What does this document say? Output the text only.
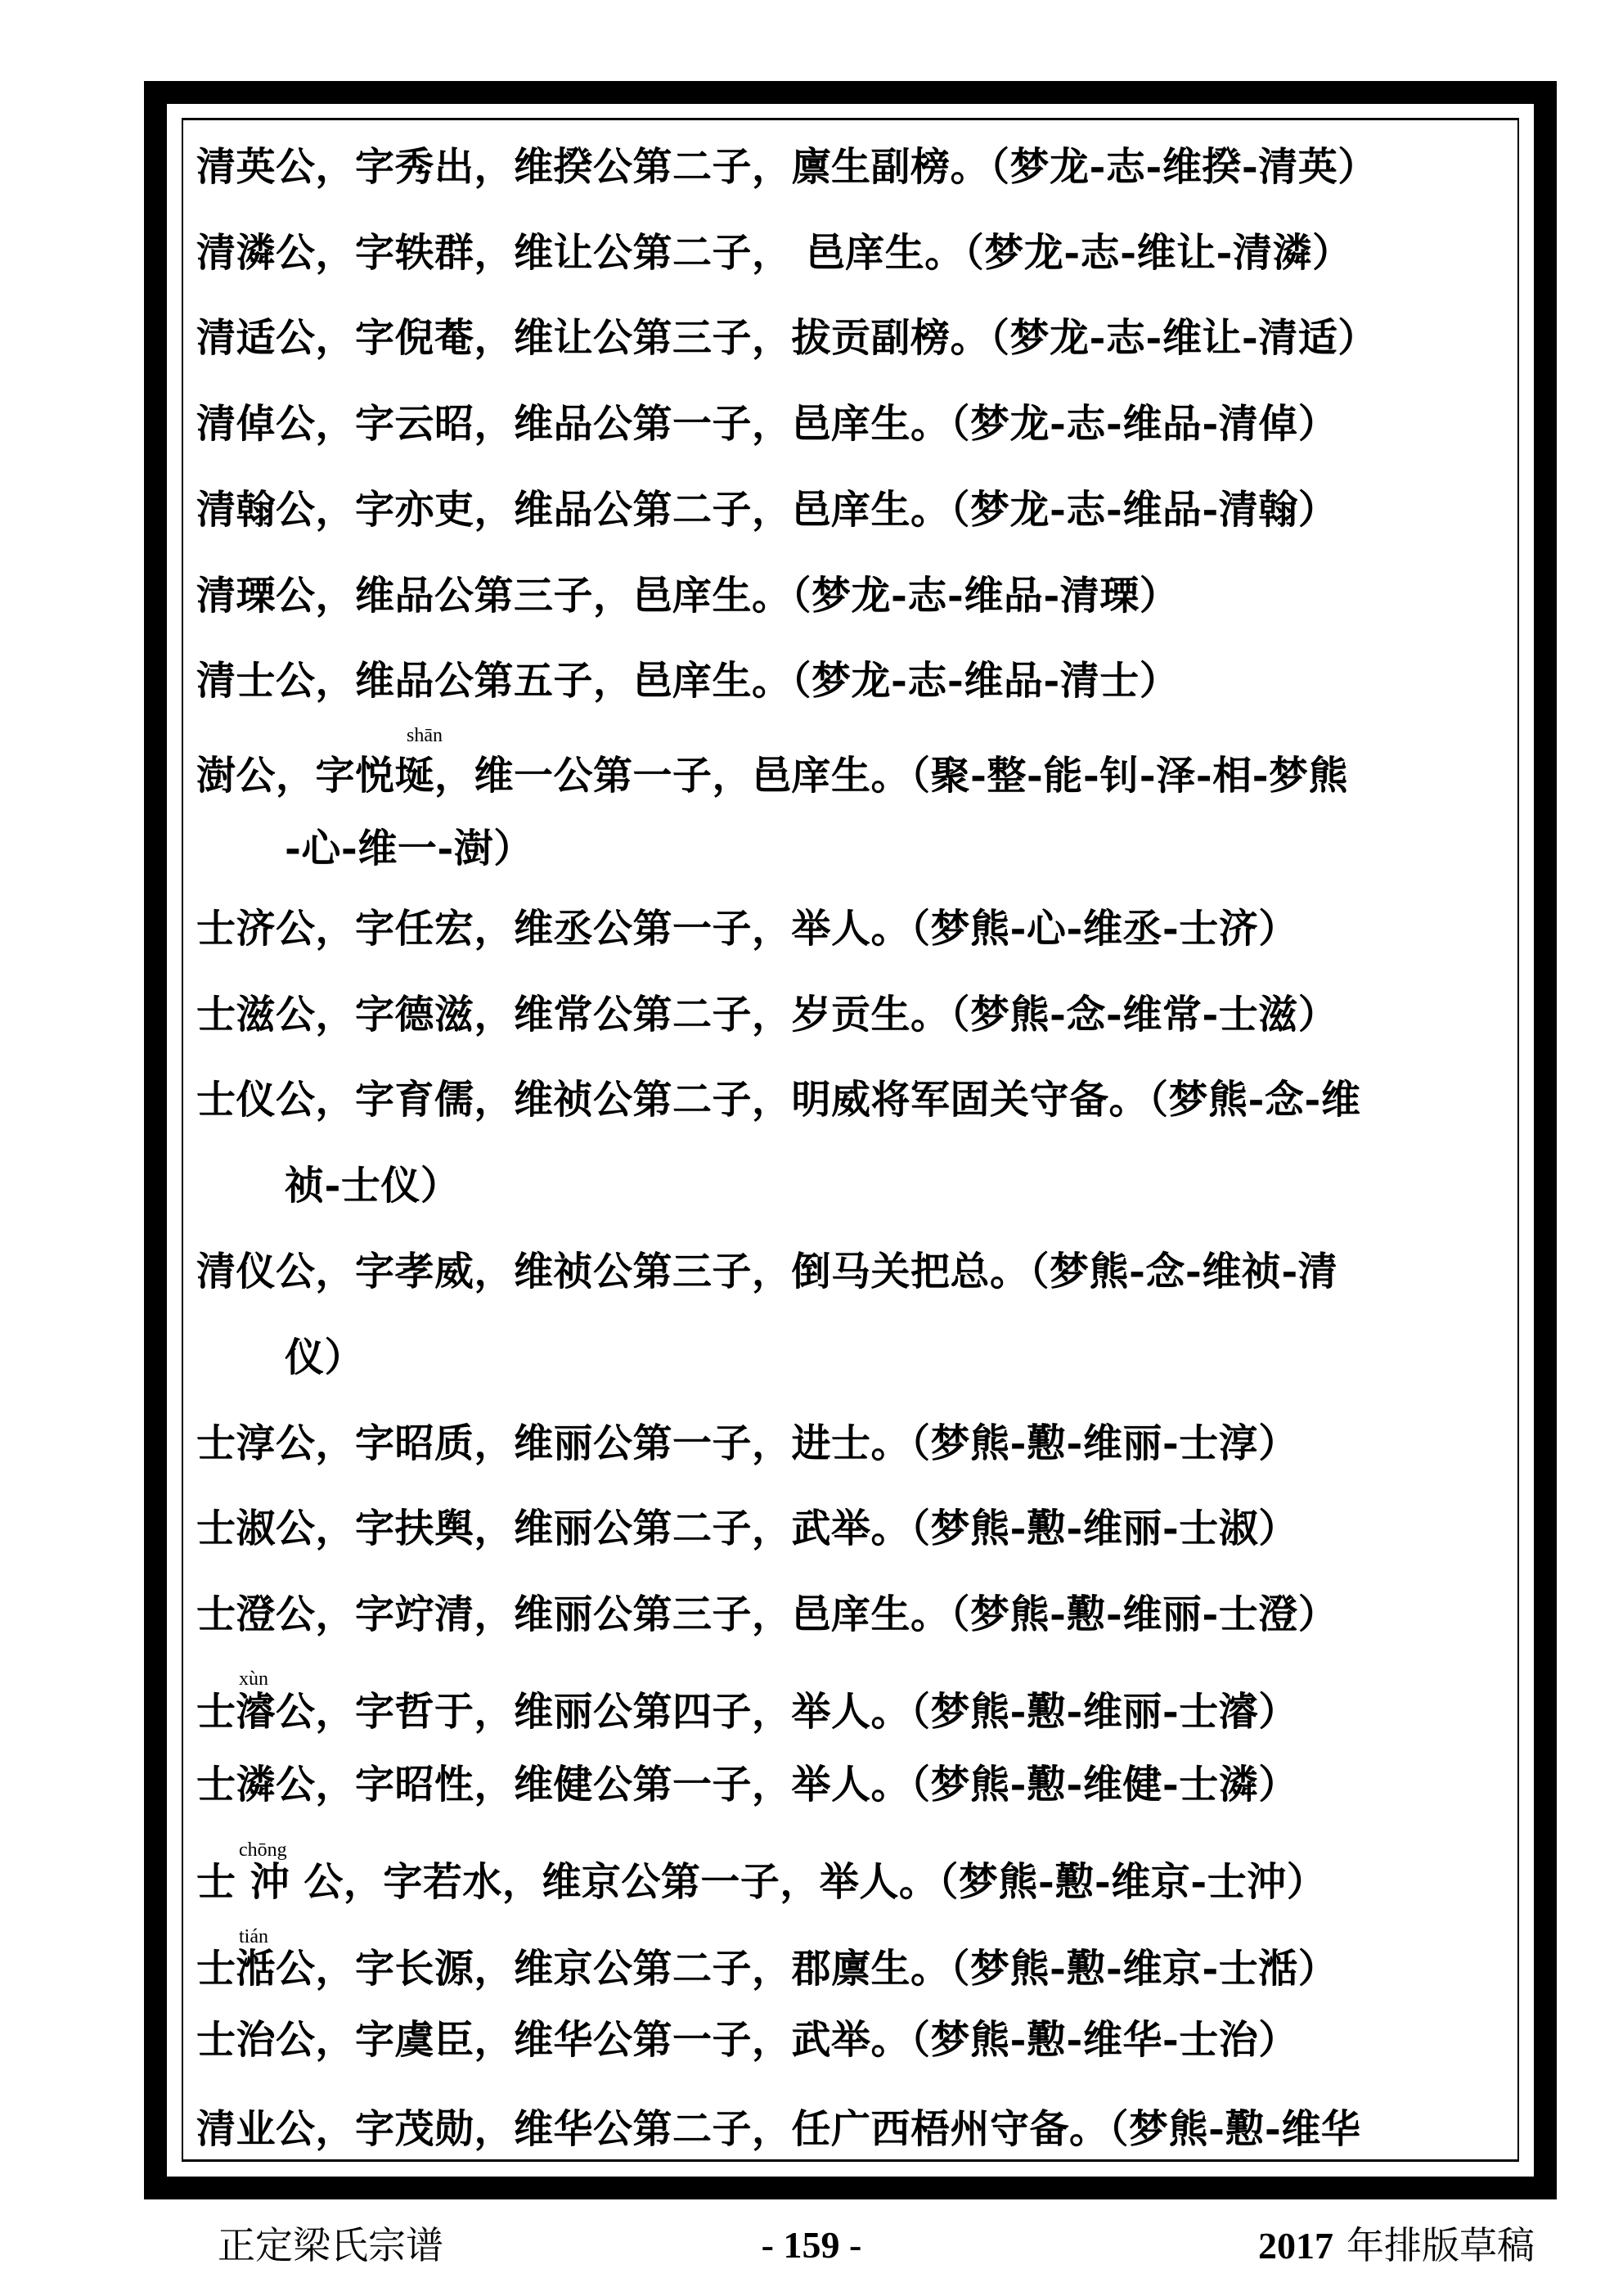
清英公，字秀出，维揆公第二子，廪生副榜。（梦龙-志-维揆-清英）
清潾公，字轶群，维让公第二子， 邑庠生。（梦龙-志-维让-清潾）
清适公，字倪菴，维让公第三子，拔贡副榜。（梦龙-志-维让-清适）
清倬公，字云昭，维品公第一子，邑庠生。（梦龙-志-维品-清倬）
清翰公，字亦吏，维品公第二子，邑庠生。（梦龙-志-维品-清翰）
清瑮公，维品公第三子，邑庠生。（梦龙-志-维品-清瑮）
清士公，维品公第五子，邑庠生。（梦龙-志-维品-清士）
shān
澍公，字悦埏，维一公第一子，邑庠生。（聚-整-能-钊-泽-相-梦熊
-心-维一-澍）
士济公，字任宏，维丞公第一子，举人。（梦熊-心-维丞-士济）
士滋公，字德滋，维常公第二子，岁贡生。（梦熊-念-维常-士滋）
士仪公，字育儒，维祯公第二子，明威将军固关守备。（梦熊-念-维
祯-士仪）
清仪公，字孝威，维祯公第三子，倒马关把总。（梦熊-念-维祯-清
仪）
士淳公，字昭质，维丽公第一子，进士。（梦熊-懃-维丽-士淳）
士淑公，字扶舆，维丽公第二子，武举。（梦熊-懃-维丽-士淑）
士澄公，字竚清，维丽公第三子，邑庠生。（梦熊-懃-维丽-士澄）
xùn
士濬公，字哲于，维丽公第四子，举人。（梦熊-懃-维丽-士濬）
士潾公，字昭性，维健公第一子，举人。（梦熊-懃-维健-士潾）
chōng
士 沖 公，字若水，维京公第一子，举人。（梦熊-懃-维京-士沖）
tián
士湉公，字长源，维京公第二子，郡廪生。（梦熊-懃-维京-士湉）
士治公，字虞臣，维华公第一子，武举。（梦熊-懃-维华-士治）
清业公，字茂勋，维华公第二子，任广西梧州守备。（梦熊-懃-维华
正定梁氏宗谱	- 159 -	2017 年排版草稿
